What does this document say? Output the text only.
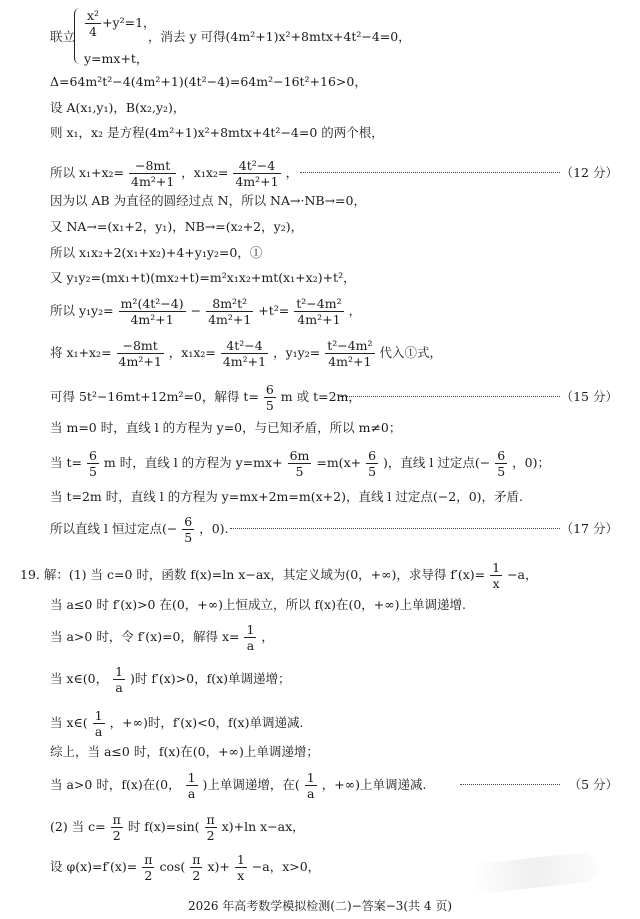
联立 $\frac{\text{x²}}{4} +y^2=1$，
y=mx+t，
，消去 y 可得(4m²+1)x²+8mtx+4t²−4=0，
Δ=64m²t²−4(4m²+1)(4t²−4)=64m²−16t²+16>0，
设 A(x₁,y₁)，B(x₂,y₂)，
则 x₁，x₂ 是方程(4m²+1)x²+8mtx+4t²−4=0 的两个根，
所以 $x_1+x_2= \frac{-8mt}{\text{4m²+1}}$ ，$x_1x_2= \frac{\text{4t²−4}}{\text{4m²+1}}$ ，	（12 分）
因为以 AB 为直径的圆经过点 N，所以 NA→·NB→=0，
又 NA→=(x₁+2，y₁)，NB→=(x₂+2，y₂)，
所以 x₁x₂+2(x₁+x₂)+4+y₁y₂=0，①
又 y₁y₂=(mx₁+t)(mx₂+t)=m²x₁x₂+mt(x₁+x₂)+t²，
所以 $y_1y_2= \frac{\text{m²(4t²−4)}}{\text{4m²+1}} - \frac{\text{8m²t²}}{\text{4m²+1}} +t^2= \frac{\text{t²−4m²}}{\text{4m²+1}}$ ，
将 $x_1+x_2= \frac{-8mt}{\text{4m²+1}}$ ，$x_1x_2= \frac{\text{4t²−4}}{\text{4m²+1}}$ ，$y_1y_2= \frac{\text{t²−4m²}}{\text{4m²+1}}$ 代入①式，
可得 5t²−16mt+12m²=0，解得 $t= \frac{6}{5}$ m 或 t=2m，	（15 分）
当 m=0 时，直线 l 的方程为 y=0，与已知矛盾，所以 m≠0；
当 $t= \frac{6}{5}$ m 时，直线 l 的方程为 $y=mx+ \frac{6m}{5} =m(x+ \frac{6}{5}$ )，直线 l 过定点(− $\frac{6}{5}$ ，0)；
当 t=2m 时，直线 l 的方程为 y=mx+2m=m(x+2)，直线 l 过定点(−2，0)，矛盾.
所以直线 l 恒过定点(− $\frac{6}{5}$ ，0).	（17 分）
19. 解：(1) 当 c=0 时，函数 f(x)=ln x−ax，其定义域为(0，+∞)，求导得 $f'(x)= \frac{1}{x} -a$，
当 a≤0 时 f′(x)>0 在(0，+∞)上恒成立，所以 f(x)在(0，+∞)上单调递增.
当 a>0 时，令 f′(x)=0，解得 $x= \frac{1}{a}$ ，
当 x∈(0， $\frac{1}{a}$ )时 f′(x)>0，f(x)单调递增；
当 x∈( $\frac{1}{a}$ ，+∞)时，f′(x)<0，f(x)单调递减.
综上，当 a≤0 时，f(x)在(0，+∞)上单调递增；
当 a>0 时，f(x)在(0， $\frac{1}{a}$ )上单调递增，在( $\frac{1}{a}$ ，+∞)上单调递减.	（5 分）
(2) 当 $c= \frac{\pi}{2}$ 时 $f(x)=\sin( \frac{\pi}{2} x)+\ln$ x−ax，
设 $\varphi(x)=f'(x)= \frac{\pi}{2} \cos( \frac{\pi}{2} x)+ \frac{1}{x} -a$，x>0，
2026 年高考数学模拟检测(二)−答案−3(共 4 页)
